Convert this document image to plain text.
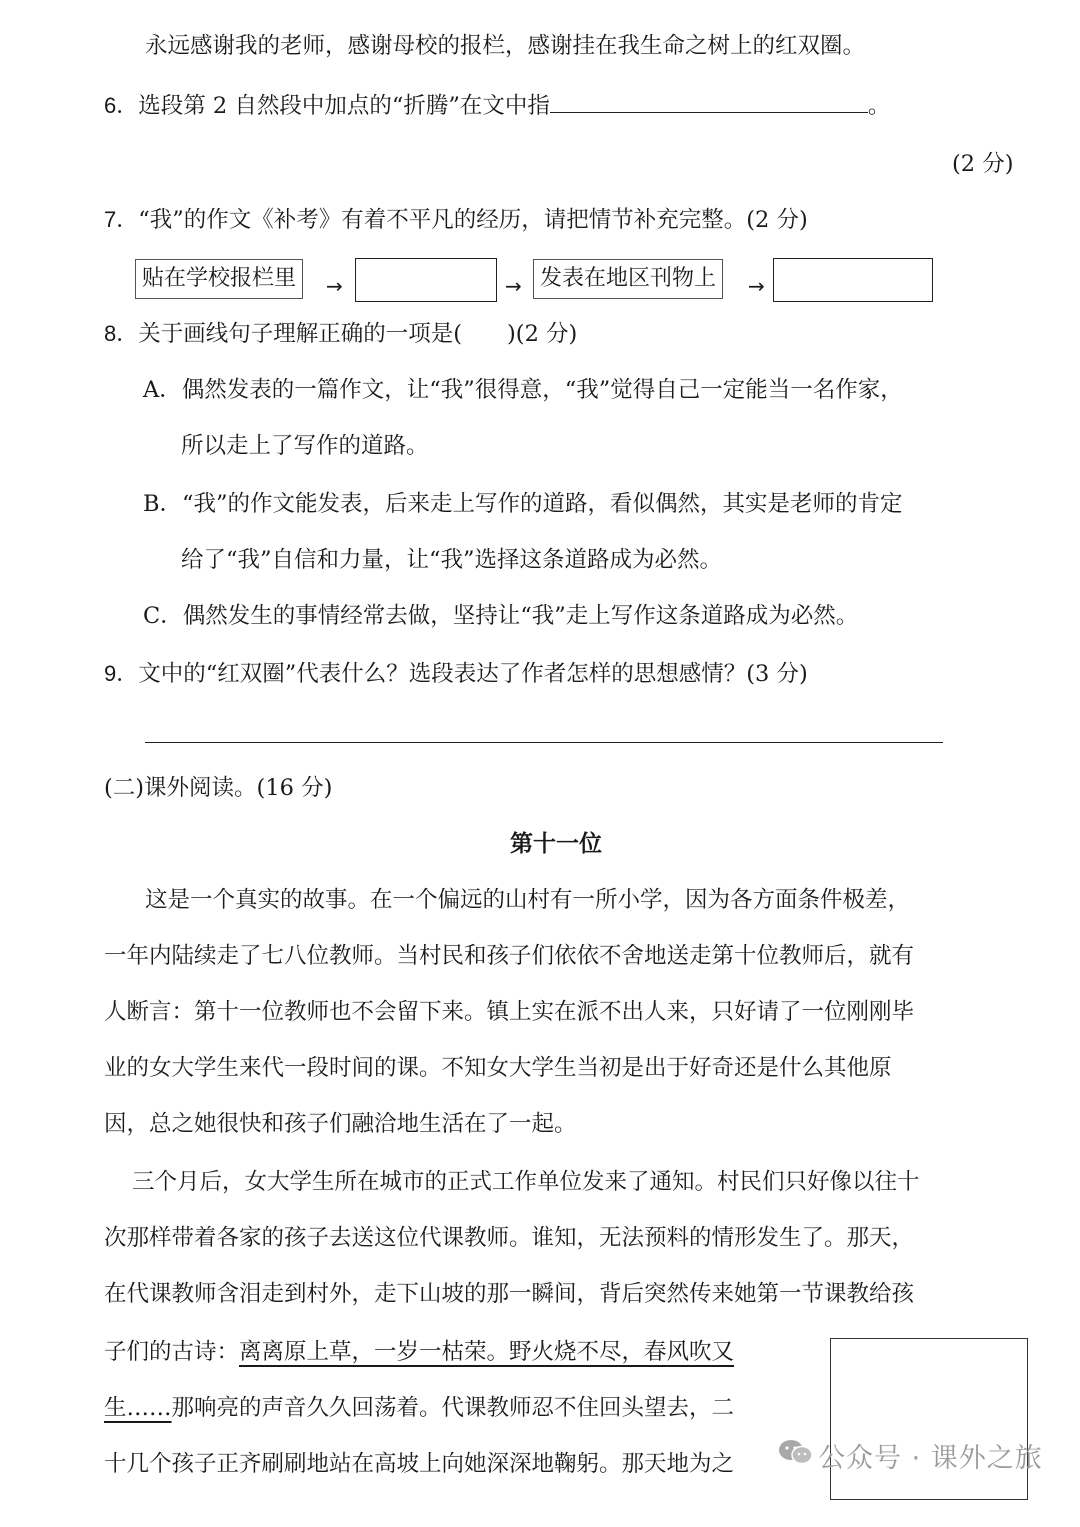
永远感谢我的老师，感谢母校的报栏，感谢挂在我生命之树上的红双圈。
6．选段第 2 自然段中加点的“折腾”在文中指	。
(2 分)
7．“我”的作文《补考》有着不平凡的经历，请把情节补充完整。(2 分)
贴在学校报栏里	→	→ 发表在地区刊物上	→
8．关于画线句子理解正确的一项是(　　)(2 分)
A．偶然发表的一篇作文，让“我”很得意，“我”觉得自己一定能当一名作家，
所以走上了写作的道路。
B．“我”的作文能发表，后来走上写作的道路，看似偶然，其实是老师的肯定
给了“我”自信和力量，让“我”选择这条道路成为必然。
C．偶然发生的事情经常去做，坚持让“我”走上写作这条道路成为必然。
9．文中的“红双圈”代表什么？选段表达了作者怎样的思想感情？(3 分)
(二)课外阅读。(16 分)
第十一位
这是一个真实的故事。在一个偏远的山村有一所小学，因为各方面条件极差，
一年内陆续走了七八位教师。当村民和孩子们依依不舍地送走第十位教师后，就有
人断言：第十一位教师也不会留下来。镇上实在派不出人来，只好请了一位刚刚毕
业的女大学生来代一段时间的课。不知女大学生当初是出于好奇还是什么其他原
因，总之她很快和孩子们融洽地生活在了一起。
三个月后，女大学生所在城市的正式工作单位发来了通知。村民们只好像以往十
次那样带着各家的孩子去送这位代课教师。谁知，无法预料的情形发生了。那天，
在代课教师含泪走到村外，走下山坡的那一瞬间，背后突然传来她第一节课教给孩
子们的古诗：离离原上草，一岁一枯荣。野火烧不尽，春风吹又
生……那响亮的声音久久回荡着。代课教师忍不住回头望去，二
十几个孩子正齐刷刷地站在高坡上向她深深地鞠躬。那天地为之	公众号 · 课外之旅
